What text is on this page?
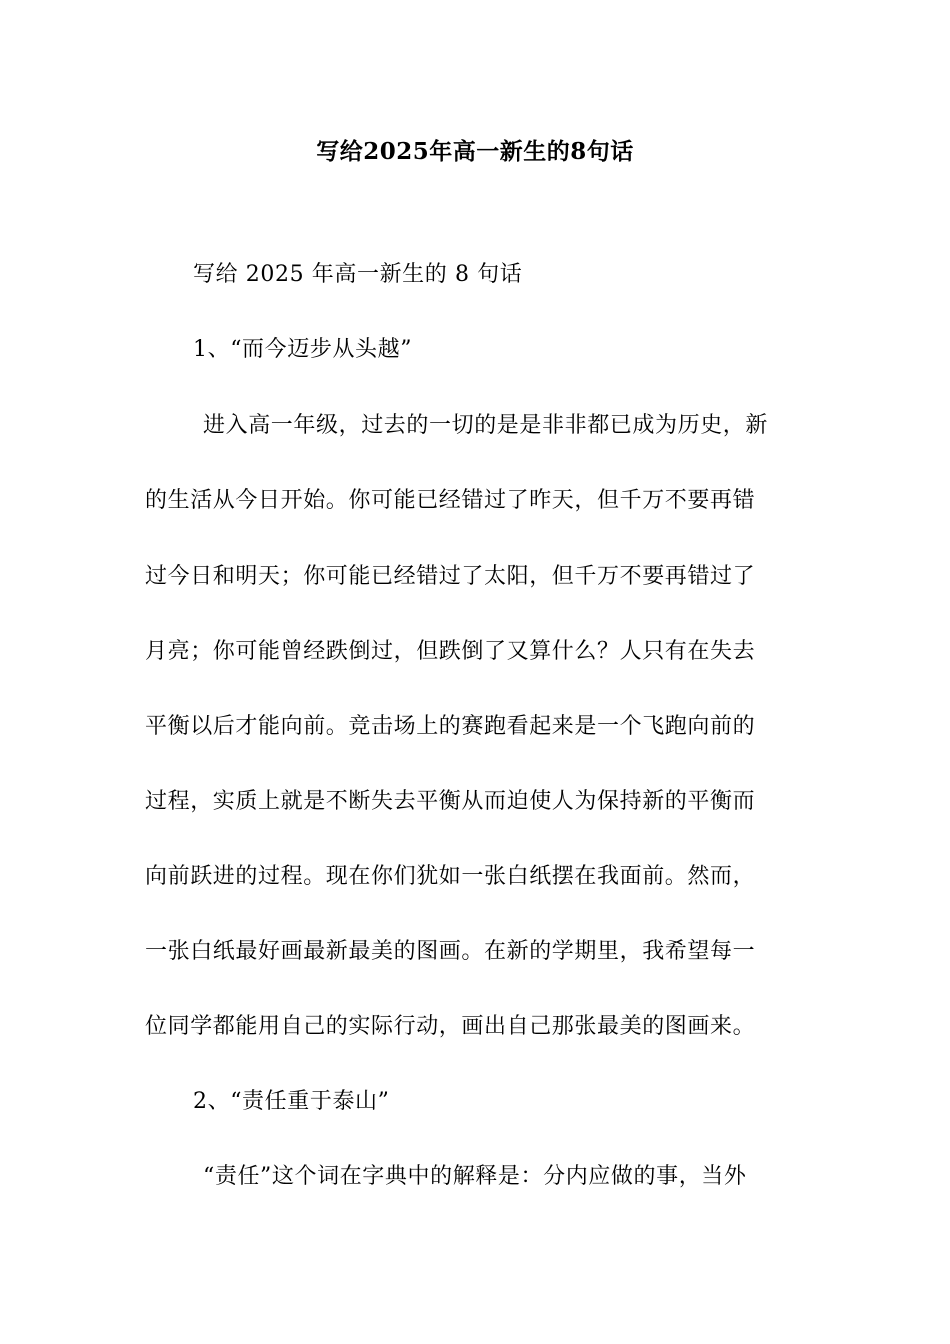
写给2025年高一新生的8句话
写给 2025 年高一新生的 8 句话
1、“而今迈步从头越”
进入高一年级，过去的一切的是是非非都已成为历史，新
的生活从今日开始。你可能已经错过了昨天，但千万不要再错
过今日和明天；你可能已经错过了太阳，但千万不要再错过了
月亮；你可能曾经跌倒过，但跌倒了又算什么？人只有在失去
平衡以后才能向前。竞击场上的赛跑看起来是一个飞跑向前的
过程，实质上就是不断失去平衡从而迫使人为保持新的平衡而
向前跃进的过程。现在你们犹如一张白纸摆在我面前。然而，
一张白纸最好画最新最美的图画。在新的学期里，我希望每一
位同学都能用自己的实际行动，画出自己那张最美的图画来。
2、“责任重于泰山”
“责任”这个词在字典中的解释是：分内应做的事，当外
